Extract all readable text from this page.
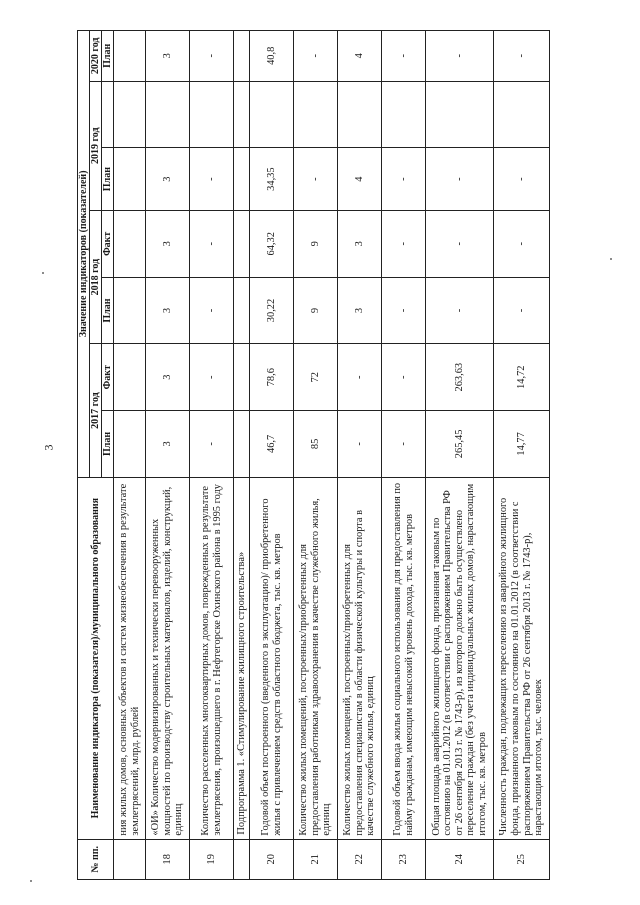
3
№ пп.	Наименование индикатора (показателя)/муниципального образования	Значение индикаторов (показателей)						
		2017 год		2018 год		2019 год		2020 год
		План	Факт	План	Факт	План		План
	ния жилых домов, основных объектов и систем жизнеобеспечения в результате землетрясений, млрд. рублей							
18	«ОИ» Количество модернизированных и технически перевооруженных мощностей по производству строительных материалов, изделий, конструкций, единиц	3	3	3	3	3		3
19	Количество расселенных многоквартирных домов, поврежденных в результате землетрясения, произошедшего в г. Нефтегорске Охинского района в 1995 году	-	-	-	-	-		-
	Подпрограмма 1. «Стимулирование жилищного строительства»							
20	Годовой объем построенного (введенного в эксплуатацию)/ приобретенного жилья с привлечением средств областного бюджета, тыс. кв. метров	46,7	78,6	30,22	64,32	34,35		40,8
21	Количество жилых помещений, построенных/приобретенных для предоставления работникам здравоохранения в качестве служебного жилья, единиц	85	72	9	9	-		-
22	Количество жилых помещений, построенных/приобретенных для предоставления специалистам в области физической культуры и спорта в качестве служебного жилья, единиц	-	-	3	3	4		4
23	Годовой объем ввода жилья социального использования для предоставления по найму гражданам, имеющим невысокий уровень дохода, тыс. кв. метров	-	-	-	-	-		-
24	Общая площадь аварийного жилищного фонда, признанная таковым по состоянию на 01.01.2012 (в соответствии с распоряжением Правительства РФ от 26 сентября 2013 г. № 1743-р), из которого должно быть осуществлено переселение граждан (без учета индивидуальных жилых домов), нарастающим итогом, тыс. кв. метров	265,45	263,63	-	-	-		-
25	Численность граждан, подлежащих переселению из аварийного жилищного фонда, признанного таковым по состоянию на 01.01.2012 (в соответствии с распоряжением Правительства РФ от 26 сентября 2013 г. № 1743-р), нарастающим итогом, тыс. человек	14,77	14,72	-	-	-		-
